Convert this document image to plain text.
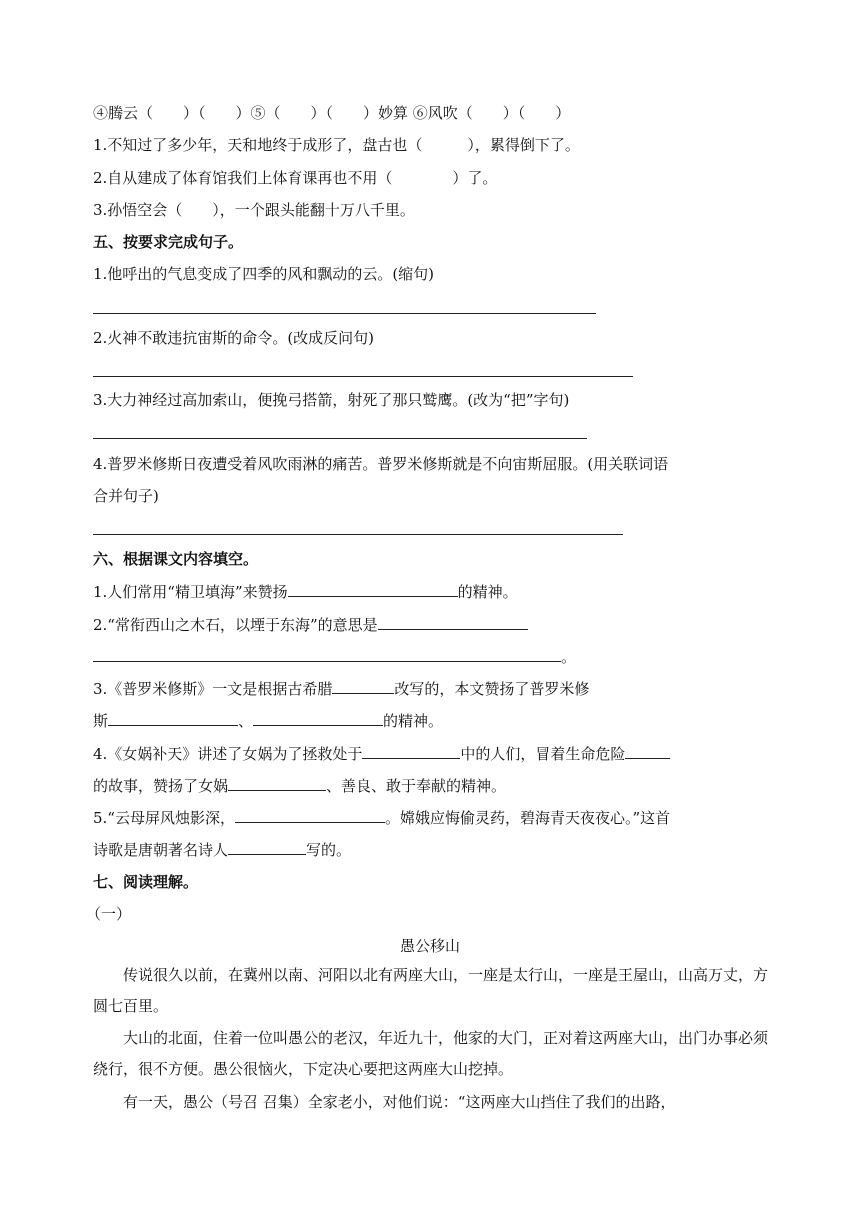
④腾云（　　）（　　）⑤（　　）（　　）妙算 ⑥风吹（　　）（　　）
1.不知过了多少年，天和地终于成形了，盘古也（　　　），累得倒下了。
2.自从建成了体育馆我们上体育课再也不用（　　　　）了。
3.孙悟空会（　　），一个跟头能翻十万八千里。
五、按要求完成句子。
1.他呼出的气息变成了四季的风和飘动的云。(缩句)
2.火神不敢违抗宙斯的命令。(改成反问句)
3.大力神经过高加索山，便挽弓搭箭，射死了那只鹫鹰。(改为“把”字句)
4.普罗米修斯日夜遭受着风吹雨淋的痛苦。普罗米修斯就是不向宙斯屈服。(用关联词语
合并句子)
六、根据课文内容填空。
1.人们常用“精卫填海”来赞扬	的精神。
2.“常衔西山之木石，以堙于东海”的意思是
。
3.《普罗米修斯》一文是根据古希腊	改写的，本文赞扬了普罗米修
斯	、	的精神。
4.《女娲补天》讲述了女娲为了拯救处于	中的人们，冒着生命危险
的故事，赞扬了女娲	、善良、敢于奉献的精神。
5.“云母屏风烛影深，	。嫦娥应悔偷灵药，碧海青天夜夜心。”这首
诗歌是唐朝著名诗人	写的。
七、阅读理解。
（一）
愚公移山
传说很久以前，在冀州以南、河阳以北有两座大山，一座是太行山，一座是王屋山，山高万丈，方圆七百里。
大山的北面，住着一位叫愚公的老汉，年近九十，他家的大门，正对着这两座大山，出门办事必须绕行，很不方便。愚公很恼火，下定决心要把这两座大山挖掉。
有一天，愚公（号召 召集）全家老小，对他们说：“这两座大山挡住了我们的出路，
